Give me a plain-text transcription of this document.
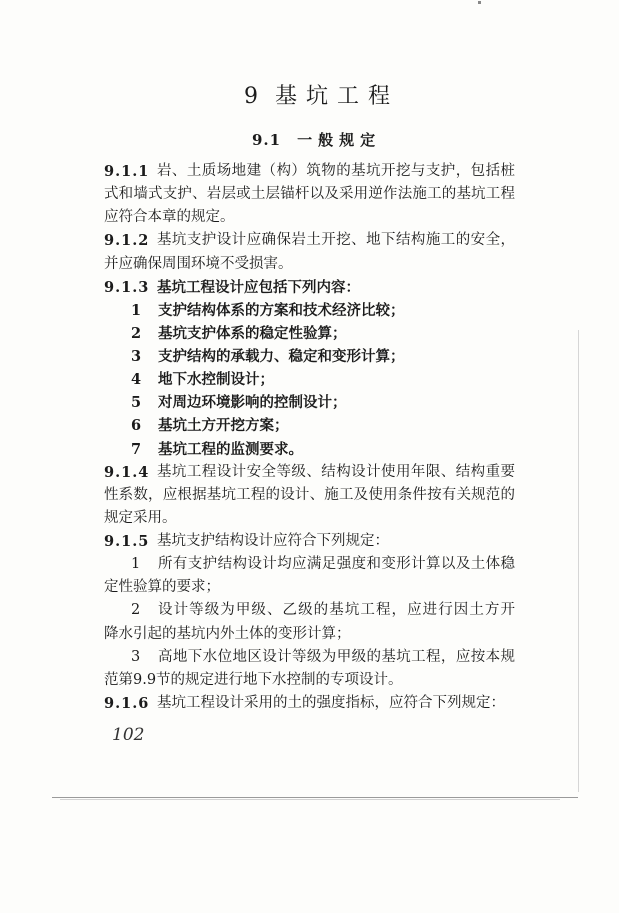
9 基坑工程
9.1 一般规定
9.1.1 岩、土质场地建（构）筑物的基坑开挖与支护，包括桩
式和墙式支护、岩层或土层锚杆以及采用逆作法施工的基坑工程
应符合本章的规定。
9.1.2 基坑支护设计应确保岩土开挖、地下结构施工的安全，
并应确保周围环境不受损害。
9.1.3 基坑工程设计应包括下列内容：
1	支护结构体系的方案和技术经济比较；
2	基坑支护体系的稳定性验算；
3	支护结构的承载力、稳定和变形计算；
4	地下水控制设计；
5	对周边环境影响的控制设计；
6	基坑土方开挖方案；
7	基坑工程的监测要求。
9.1.4 基坑工程设计安全等级、结构设计使用年限、结构重要
性系数，应根据基坑工程的设计、施工及使用条件按有关规范的
规定采用。
9.1.5 基坑支护结构设计应符合下列规定：
1	所有支护结构设计均应满足强度和变形计算以及土体稳
定性验算的要求；
2	设计等级为甲级、乙级的基坑工程，应进行因土方开
降水引起的基坑内外土体的变形计算；
3	高地下水位地区设计等级为甲级的基坑工程，应按本规
范第9.9节的规定进行地下水控制的专项设计。
9.1.6 基坑工程设计采用的土的强度指标，应符合下列规定：
102
